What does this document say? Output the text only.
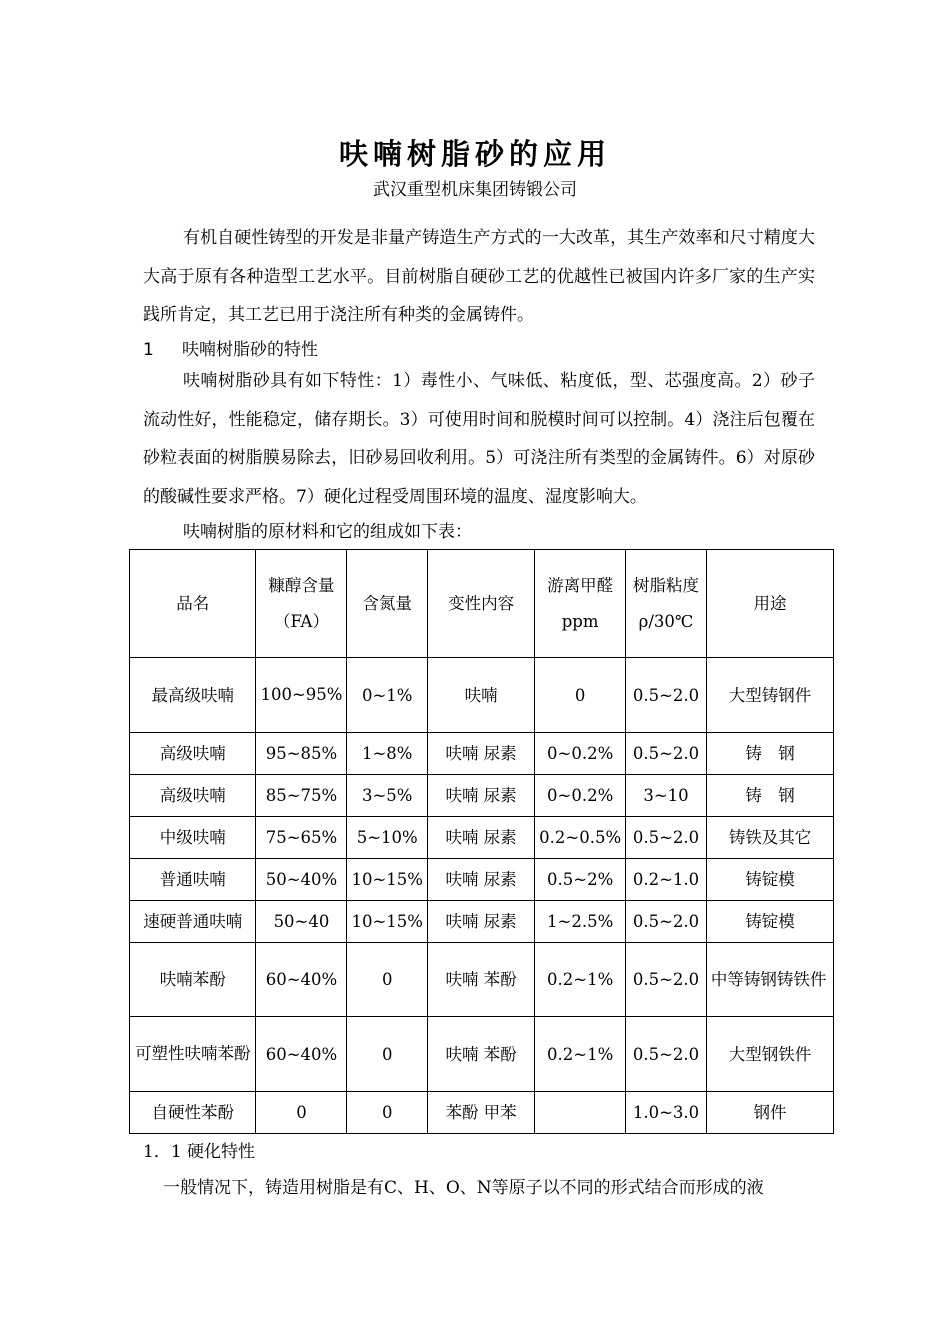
呋喃树脂砂的应用
武汉重型机床集团铸锻公司
有机自硬性铸型的开发是非量产铸造生产方式的一大改革，其生产效率和尺寸精度大大高于原有各种造型工艺水平。目前树脂自硬砂工艺的优越性已被国内许多厂家的生产实践所肯定，其工艺已用于浇注所有种类的金属铸件。
1 呋喃树脂砂的特性
呋喃树脂砂具有如下特性：1）毒性小、气味低、粘度低，型、芯强度高。2）砂子流动性好，性能稳定，储存期长。3）可使用时间和脱模时间可以控制。4）浇注后包覆在砂粒表面的树脂膜易除去，旧砂易回收利用。5）可浇注所有类型的金属铸件。6）对原砂的酸碱性要求严格。7）硬化过程受周围环境的温度、湿度影响大。
呋喃树脂的原材料和它的组成如下表：
品名	糠醇含量（FA）	含氮量	变性内容	游离甲醛ppm	树脂粘度ρ/30℃	用途
最高级呋喃	100~95%	0~1%	呋喃	0	0.5~2.0	大型铸钢件
高级呋喃	95~85%	1~8%	呋喃 尿素	0~0.2%	0.5~2.0	铸　钢
高级呋喃	85~75%	3~5%	呋喃 尿素	0~0.2%	3~10	铸　钢
中级呋喃	75~65%	5~10%	呋喃 尿素	0.2~0.5%	0.5~2.0	铸铁及其它
普通呋喃	50~40%	10~15%	呋喃 尿素	0.5~2%	0.2~1.0	铸锭模
速硬普通呋喃	50~40	10~15%	呋喃 尿素	1~2.5%	0.5~2.0	铸锭模
呋喃苯酚	60~40%	0	呋喃 苯酚	0.2~1%	0.5~2.0	中等铸钢铸铁件
可塑性呋喃苯酚	60~40%	0	呋喃 苯酚	0.2~1%	0.5~2.0	大型钢铁件
自硬性苯酚	0	0	苯酚 甲苯		1.0~3.0	钢件
1．1 硬化特性
一般情况下，铸造用树脂是有C、H、O、N等原子以不同的形式结合而形成的液
